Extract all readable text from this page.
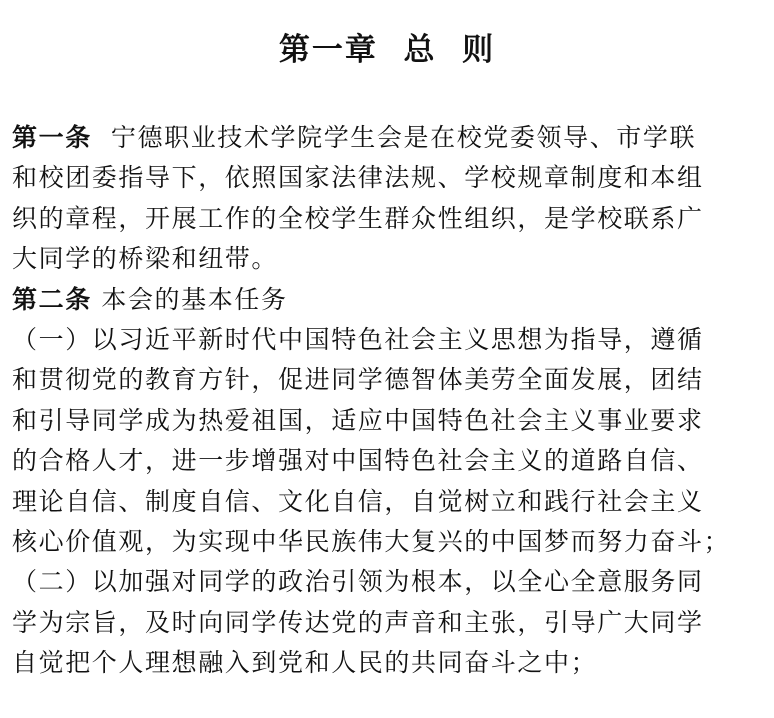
第一章  总  则
第一条  宁德职业技术学院学生会是在校党委领导、市学联
和校团委指导下，依照国家法律法规、学校规章制度和本组
织的章程，开展工作的全校学生群众性组织，是学校联系广
大同学的桥梁和纽带。
第二条 本会的基本任务
（一）以习近平新时代中国特色社会主义思想为指导，遵循
和贯彻党的教育方针，促进同学德智体美劳全面发展，团结
和引导同学成为热爱祖国，适应中国特色社会主义事业要求
的合格人才，进一步增强对中国特色社会主义的道路自信、
理论自信、制度自信、文化自信，自觉树立和践行社会主义
核心价值观，为实现中华民族伟大复兴的中国梦而努力奋斗；
（二）以加强对同学的政治引领为根本，以全心全意服务同
学为宗旨，及时向同学传达党的声音和主张，引导广大同学
自觉把个人理想融入到党和人民的共同奋斗之中；
